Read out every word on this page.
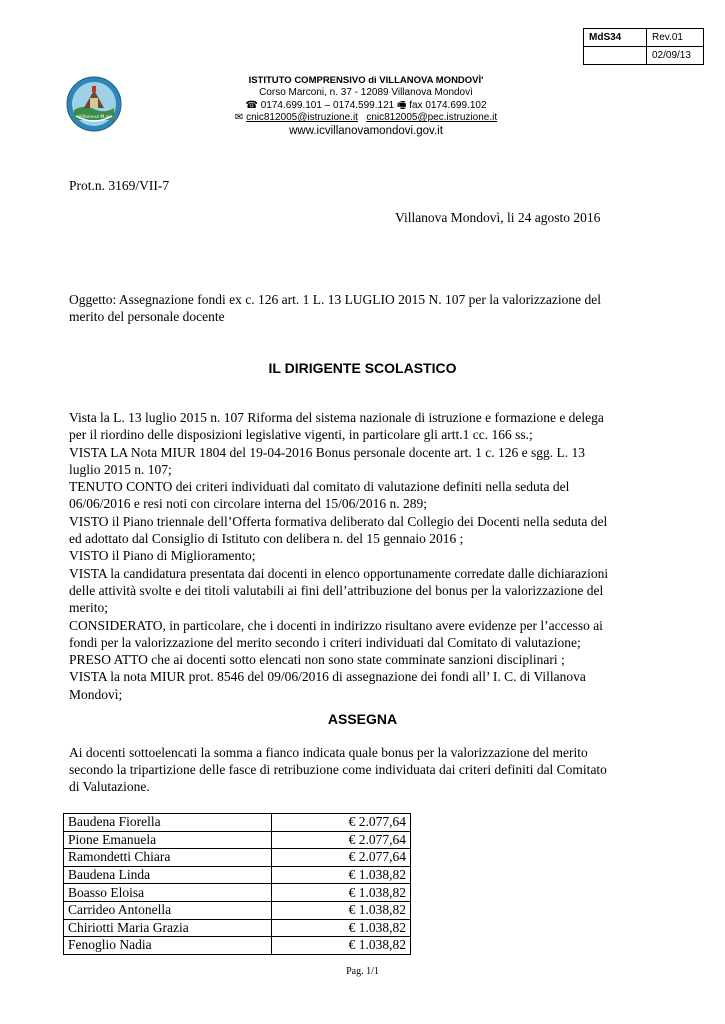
MdS34	Rev.01
	02/09/13
Villanova M.vì
ISTITUTO COMPRENSIVO di VILLANOVA MONDOVÌ'
Corso Marconi, n. 37 - 12089 Villanova Mondovì
☎ 0174.699.101 – 0174.599.121 🖷 fax 0174.699.102
✉ cnic812005@istruzione.it cnic812005@pec.istruzione.it
www.icvillanovamondovi.gov.it
Prot.n. 3169/VII-7
Villanova Mondovì, li 24 agosto 2016
Oggetto: Assegnazione fondi ex c. 126 art. 1 L. 13 LUGLIO 2015 N. 107 per la valorizzazione del
merito del personale docente
IL DIRIGENTE SCOLASTICO
Vista la L. 13 luglio 2015 n. 107 Riforma del sistema nazionale di istruzione e formazione e delega
per il riordino delle disposizioni legislative vigenti, in particolare gli artt.1 cc. 166 ss.;
VISTA LA Nota MIUR 1804 del 19-04-2016 Bonus personale docente art. 1 c. 126 e sgg. L. 13
luglio 2015 n. 107;
TENUTO CONTO dei criteri individuati dal comitato di valutazione definiti nella seduta del
06/06/2016 e resi noti con circolare interna del 15/06/2016 n. 289;
VISTO il Piano triennale dell’Offerta formativa deliberato dal Collegio dei Docenti nella seduta del
ed adottato dal Consiglio di Istituto con delibera n. del 15 gennaio 2016 ;
VISTO il Piano di Miglioramento;
VISTA la candidatura presentata dai docenti in elenco opportunamente corredate dalle dichiarazioni
delle attività svolte e dei titoli valutabili ai fini dell’attribuzione del bonus per la valorizzazione del
merito;
CONSIDERATO, in particolare, che i docenti in indirizzo risultano avere evidenze per l’accesso ai
fondi per la valorizzazione del merito secondo i criteri individuati dal Comitato di valutazione;
PRESO ATTO che ai docenti sotto elencati non sono state comminate sanzioni disciplinari ;
VISTA la nota MIUR prot. 8546 del 09/06/2016 di assegnazione dei fondi all’ I. C. di Villanova
Mondovì;
ASSEGNA
Ai docenti sottoelencati la somma a fianco indicata quale bonus per la valorizzazione del merito
secondo la tripartizione delle fasce di retribuzione come individuata dai criteri definiti dal Comitato
di Valutazione.
Baudena Fiorella	€ 2.077,64
Pione Emanuela	€ 2.077,64
Ramondetti Chiara	€ 2.077,64
Baudena Linda	€ 1.038,82
Boasso Eloisa	€ 1.038,82
Carrideo Antonella	€ 1.038,82
Chiriotti Maria Grazia	€ 1.038,82
Fenoglio Nadia	€ 1.038,82
Pag. 1/1
